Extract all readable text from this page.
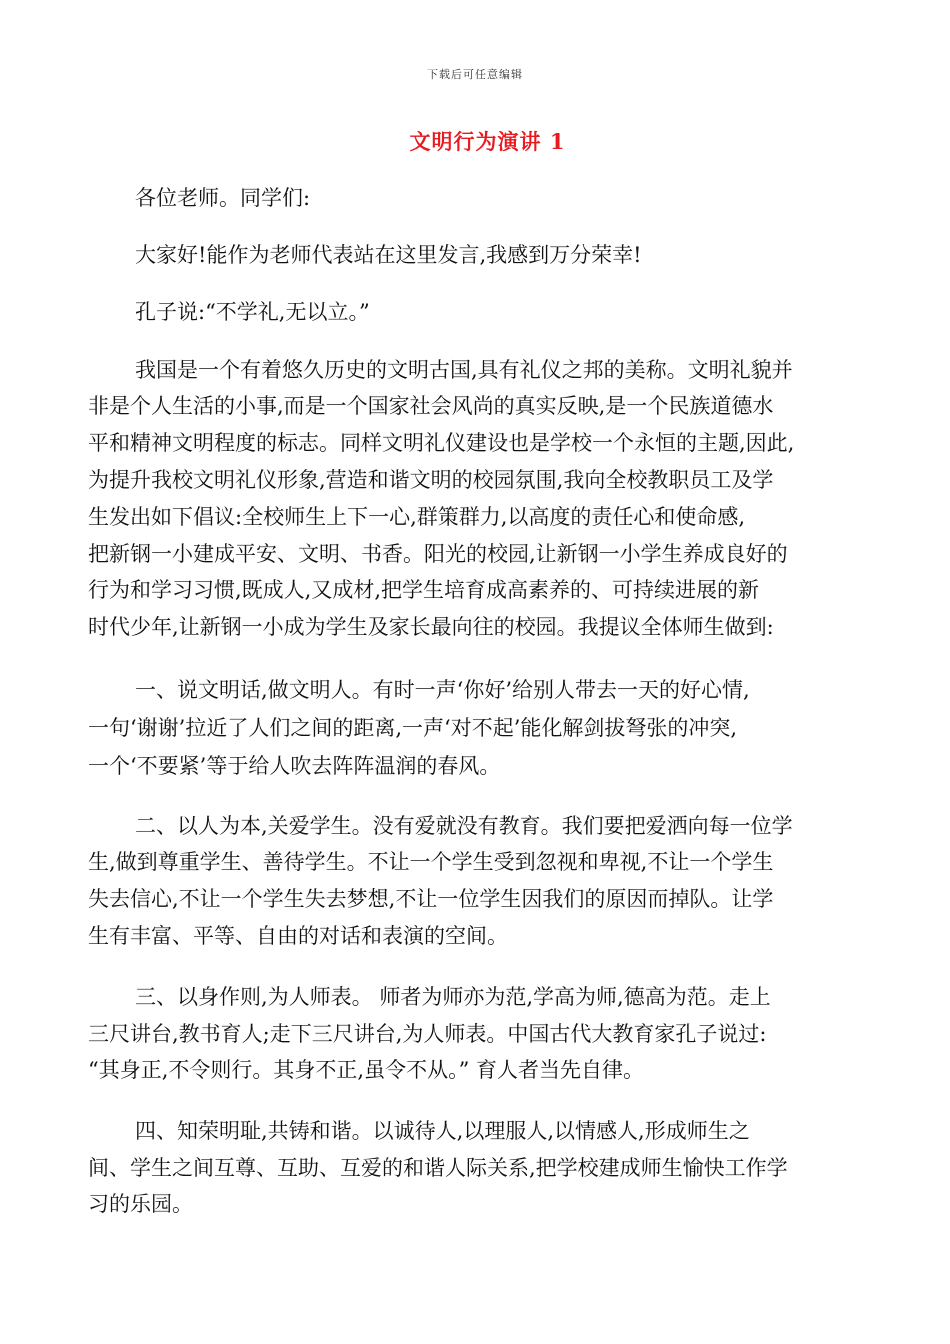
下载后可任意编辑
文明行为演讲 1
各位老师。同学们:
大家好!能作为老师代表站在这里发言,我感到万分荣幸!
孔子说:“不学礼,无以立。”
我国是一个有着悠久历史的文明古国,具有礼仪之邦的美称。文明礼貌并
非是个人生活的小事,而是一个国家社会风尚的真实反映,是一个民族道德水
平和精神文明程度的标志。同样文明礼仪建设也是学校一个永恒的主题,因此,
为提升我校文明礼仪形象,营造和谐文明的校园氛围,我向全校教职员工及学
生发出如下倡议:全校师生上下一心,群策群力,以高度的责任心和使命感,
把新钢一小建成平安、文明、书香。阳光的校园,让新钢一小学生养成良好的
行为和学习习惯,既成人,又成材,把学生培育成高素养的、可持续进展的新
时代少年,让新钢一小成为学生及家长最向往的校园。我提议全体师生做到:
一、说文明话,做文明人。有时一声‘你好’给别人带去一天的好心情,
一句‘谢谢’拉近了人们之间的距离,一声‘对不起’能化解剑拔弩张的冲突,
一个‘不要紧’等于给人吹去阵阵温润的春风。
二、以人为本,关爱学生。没有爱就没有教育。我们要把爱洒向每一位学
生,做到尊重学生、善待学生。不让一个学生受到忽视和卑视,不让一个学生
失去信心,不让一个学生失去梦想,不让一位学生因我们的原因而掉队。让学
生有丰富、平等、自由的对话和表演的空间。
三、以身作则,为人师表。 师者为师亦为范,学高为师,德高为范。走上
三尺讲台,教书育人;走下三尺讲台,为人师表。中国古代大教育家孔子说过:
“其身正,不令则行。其身不正,虽令不从。” 育人者当先自律。
四、知荣明耻,共铸和谐。以诚待人,以理服人,以情感人,形成师生之
间、学生之间互尊、互助、互爱的和谐人际关系,把学校建成师生愉快工作学
习的乐园。
